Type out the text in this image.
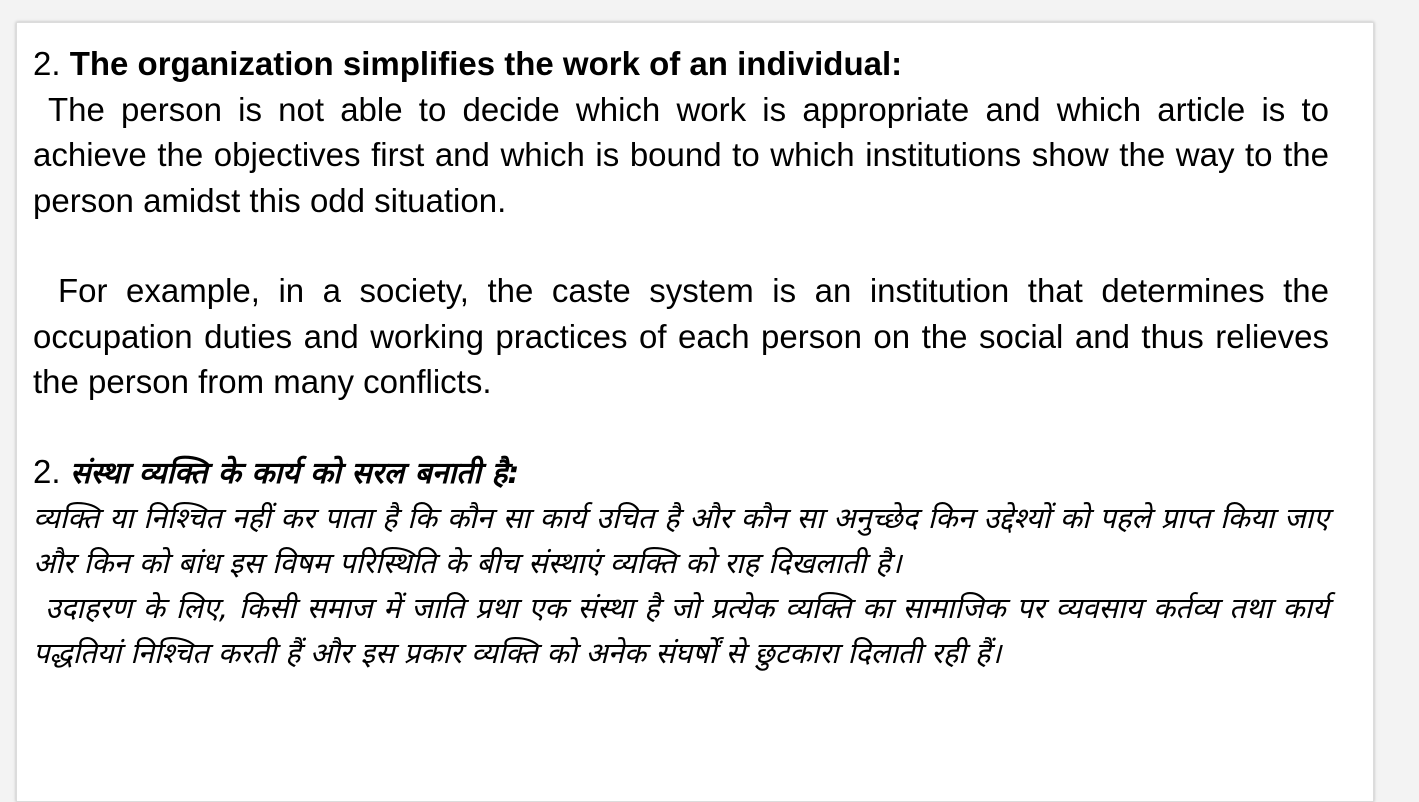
2. The organization simplifies the work of an individual:

The person is not able to decide which work is appropriate and which article is to achieve the objectives first and which is bound to which institutions show the way to the person amidst this odd situation.

For example, in a society, the caste system is an institution that determines the occupation duties and working practices of each person on the social and thus relieves the person from many conflicts.

2. संस्था व्यक्ति के कार्य को सरल बनाती है:

व्यक्ति या निश्चित नहीं कर पाता है कि कौन सा कार्य उचित है और कौन सा अनुच्छेद किन उद्देश्यों को पहले प्राप्त किया जाए और किन को बांध इस विषम परिस्थिति के बीच संस्थाएं व्यक्ति को राह दिखलाती है।

उदाहरण के लिए, किसी समाज में जाति प्रथा एक संस्था है जो प्रत्येक व्यक्ति का सामाजिक पर व्यवसाय कर्तव्य तथा कार्य पद्धतियां निश्चित करती हैं और इस प्रकार व्यक्ति को अनेक संघर्षों से छुटकारा दिलाती रही हैं।
